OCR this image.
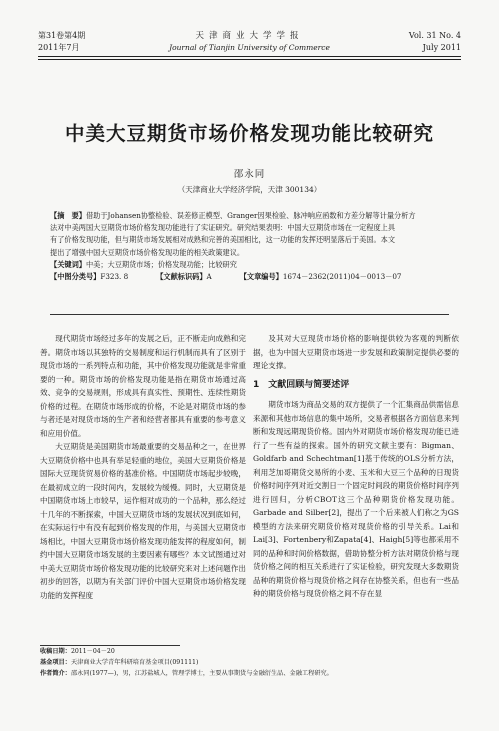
第31卷第4期
2011年7月
天津商业大学学报
Journal of Tianjin University of Commerce
Vol. 31 No. 4
July 2011
中美大豆期货市场价格发现功能比较研究
邵永同
（天津商业大学经济学院，天津 300134）
【摘　要】借助于Johansen协整检验、误差修正模型、Granger因果检验、脉冲响应函数和方差分解等计量分析方
法对中美两国大豆期货市场价格发现功能进行了实证研究。研究结果表明：中国大豆期货市场在一定程度上具
有了价格发现功能，但与期货市场发展相对成熟和完善的美国相比，这一功能的发挥还明显落后于美国。本文
提出了增强中国大豆期货市场价格发现功能的相关政策建议。
【关键词】中美；大豆期货市场；价格发现功能；比较研究
【中图分类号】F323. 8	【文献标识码】A	【文章编号】1674－2362(2011)04－0013－07

现代期货市场经过多年的发展之后，正不断走向成熟和完善。期货市场以其独特的交易制度和运行机制而具有了区别于现货市场的一系列特点和功能，其中价格发现功能就是非常重要的一种。期货市场的价格发现功能是指在期货市场通过高效、竞争的交易规则，形成具有真实性、预期性、连续性期货价格的过程。在期货市场形成的价格，不论是对期货市场的参与者还是对现货市场的生产者和经营者都具有重要的参考意义和应用价值。

大豆期货是美国期货市场最重要的交易品种之一，在世界大豆期货价格中也具有举足轻重的地位，美国大豆期货价格是国际大豆现货贸易价格的基准价格。中国期货市场起步较晚，在最初成立的一段时间内，发展较为缓慢。同时，大豆期货是中国期货市场上市较早，运作相对成功的一个品种，那么经过十几年的不断探索，中国大豆期货市场的发展状况到底如何，在实际运行中有没有起到价格发现的作用，与美国大豆期货市场相比，中国大豆期货市场价格发现功能发挥的程度如何，制约中国大豆期货市场发展的主要因素有哪些？本文试图通过对中美大豆期货市场价格发现功能的比较研究来对上述问题作出初步的回答，以期为有关部门评价中国大豆期货市场价格发现功能的发挥程度

及其对大豆现货市场价格的影响提供较为客观的判断依据，也为中国大豆期货市场进一步发展和政策制定提供必要的理论支撑。

1　文献回顾与简要述评

期货市场为商品交易的双方提供了一个汇集商品供需信息来源和其他市场信息的集中场所，交易者根据各方面信息来判断和发现远期现货价格。国内外对期货市场价格发现功能已进行了一些有益的探索。国外的研究文献主要有：Bigman、Goldfarb and Schechtman[1]基于传统的OLS分析方法，利用芝加哥期货交易所的小麦、玉米和大豆三个品种的日现货价格时间序列对近交割日一个固定时间段的期货价格时间序列进行回归，分析CBOT这三个品种期货价格发现功能。Garbade and Silber[2]，提出了一个后来被人们称之为GS模型的方法来研究期货价格对现货价格的引导关系。Lai和Lai[3]、Fortenbery和Zapata[4]、Haigh[5]等也都采用不同的品种和时间价格数据，借助协整分析方法对期货价格与现货价格之间的相互关系进行了实证检验，研究发现大多数期货品种的期货价格与现货价格之间存在协整关系，但也有一些品种的期货价格与现货价格之间不存在显

收稿日期：2011－04－20
基金项目：天津商业大学青年科研培育基金项目(091111)
作者简介：邵永同(1977—)，男，江苏盐城人，管理学博士，主要从事期货与金融衍生品、金融工程研究。
